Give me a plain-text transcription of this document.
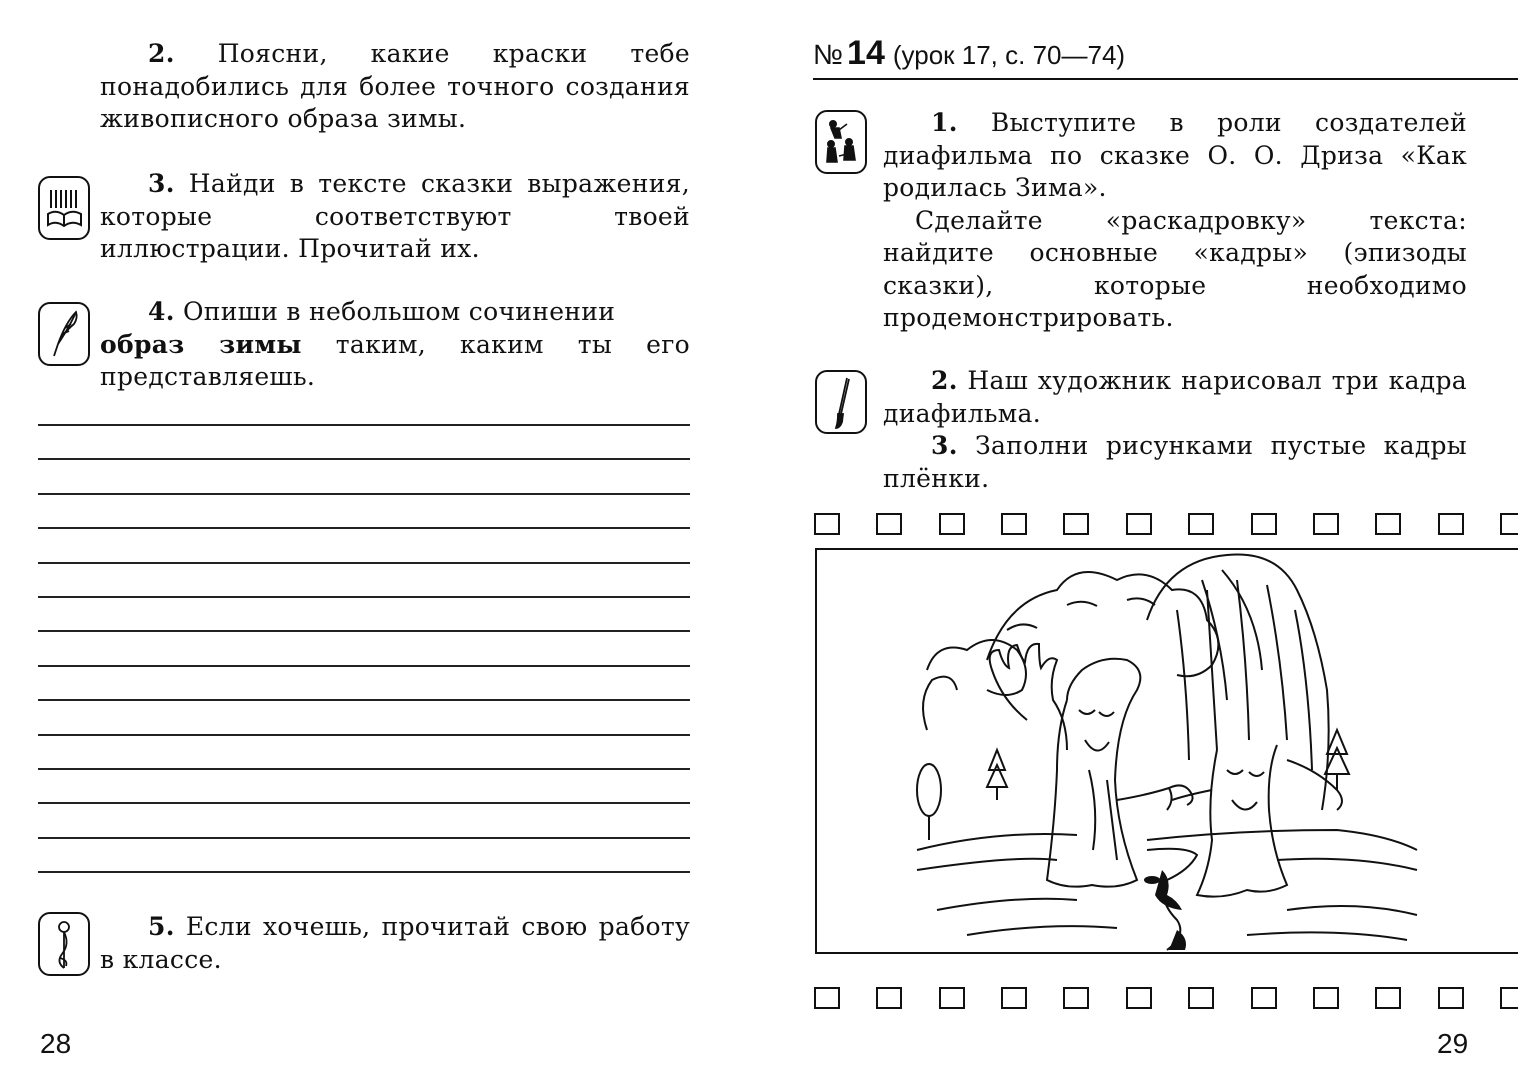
2. Поясни, какие краски тебе понадобились для более точного создания живописного образа зимы.

3. Найди в тексте сказки выражения, которые соответствуют твоей иллюстрации. Прочитай их.

4. Опиши в небольшом сочинении

образ зимы таким, каким ты его представляешь.

5. Если хочешь, прочитай свою работу в классе.

28
№ 14 (урок 17, с. 70—74)

1. Выступите в роли создателей диафильма по сказке О. О. Дриза «Как родилась Зима».

Сделайте «раскадровку» текста: найдите основные «кадры» (эпизоды сказки), которые необходимо продемонстрировать.

2. Наш художник нарисовал три кадра диафильма.

3. Заполни рисунками пустые кадры плёнки.

29
